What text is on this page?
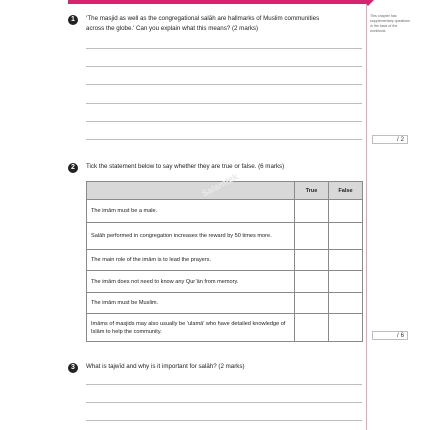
This chapter has supplementary questions in the back of the workbook
1	‘The masjid as well as the congregational salāh are hallmarks of Muslim communities
across the globe.’ Can you explain what this means? (2 marks)
/ 2
2	Tick the statement below to say whether they are true or false. (6 marks)
	True	False
The imām must be a male.		
Salāh performed in congregation increases the reward by 50 times more.		
The main role of the imām is to lead the prayers.		
The imām does not need to know any Qur’ān from memory.		
The imām must be Muslim.		
Imāms of masjids may also usually be ‘ulamā’ who have detailed knowledge of Islām to help the community.		
/ 6
3	What is tajwīd and why is it important for salāh? (2 marks)
Salamtek
